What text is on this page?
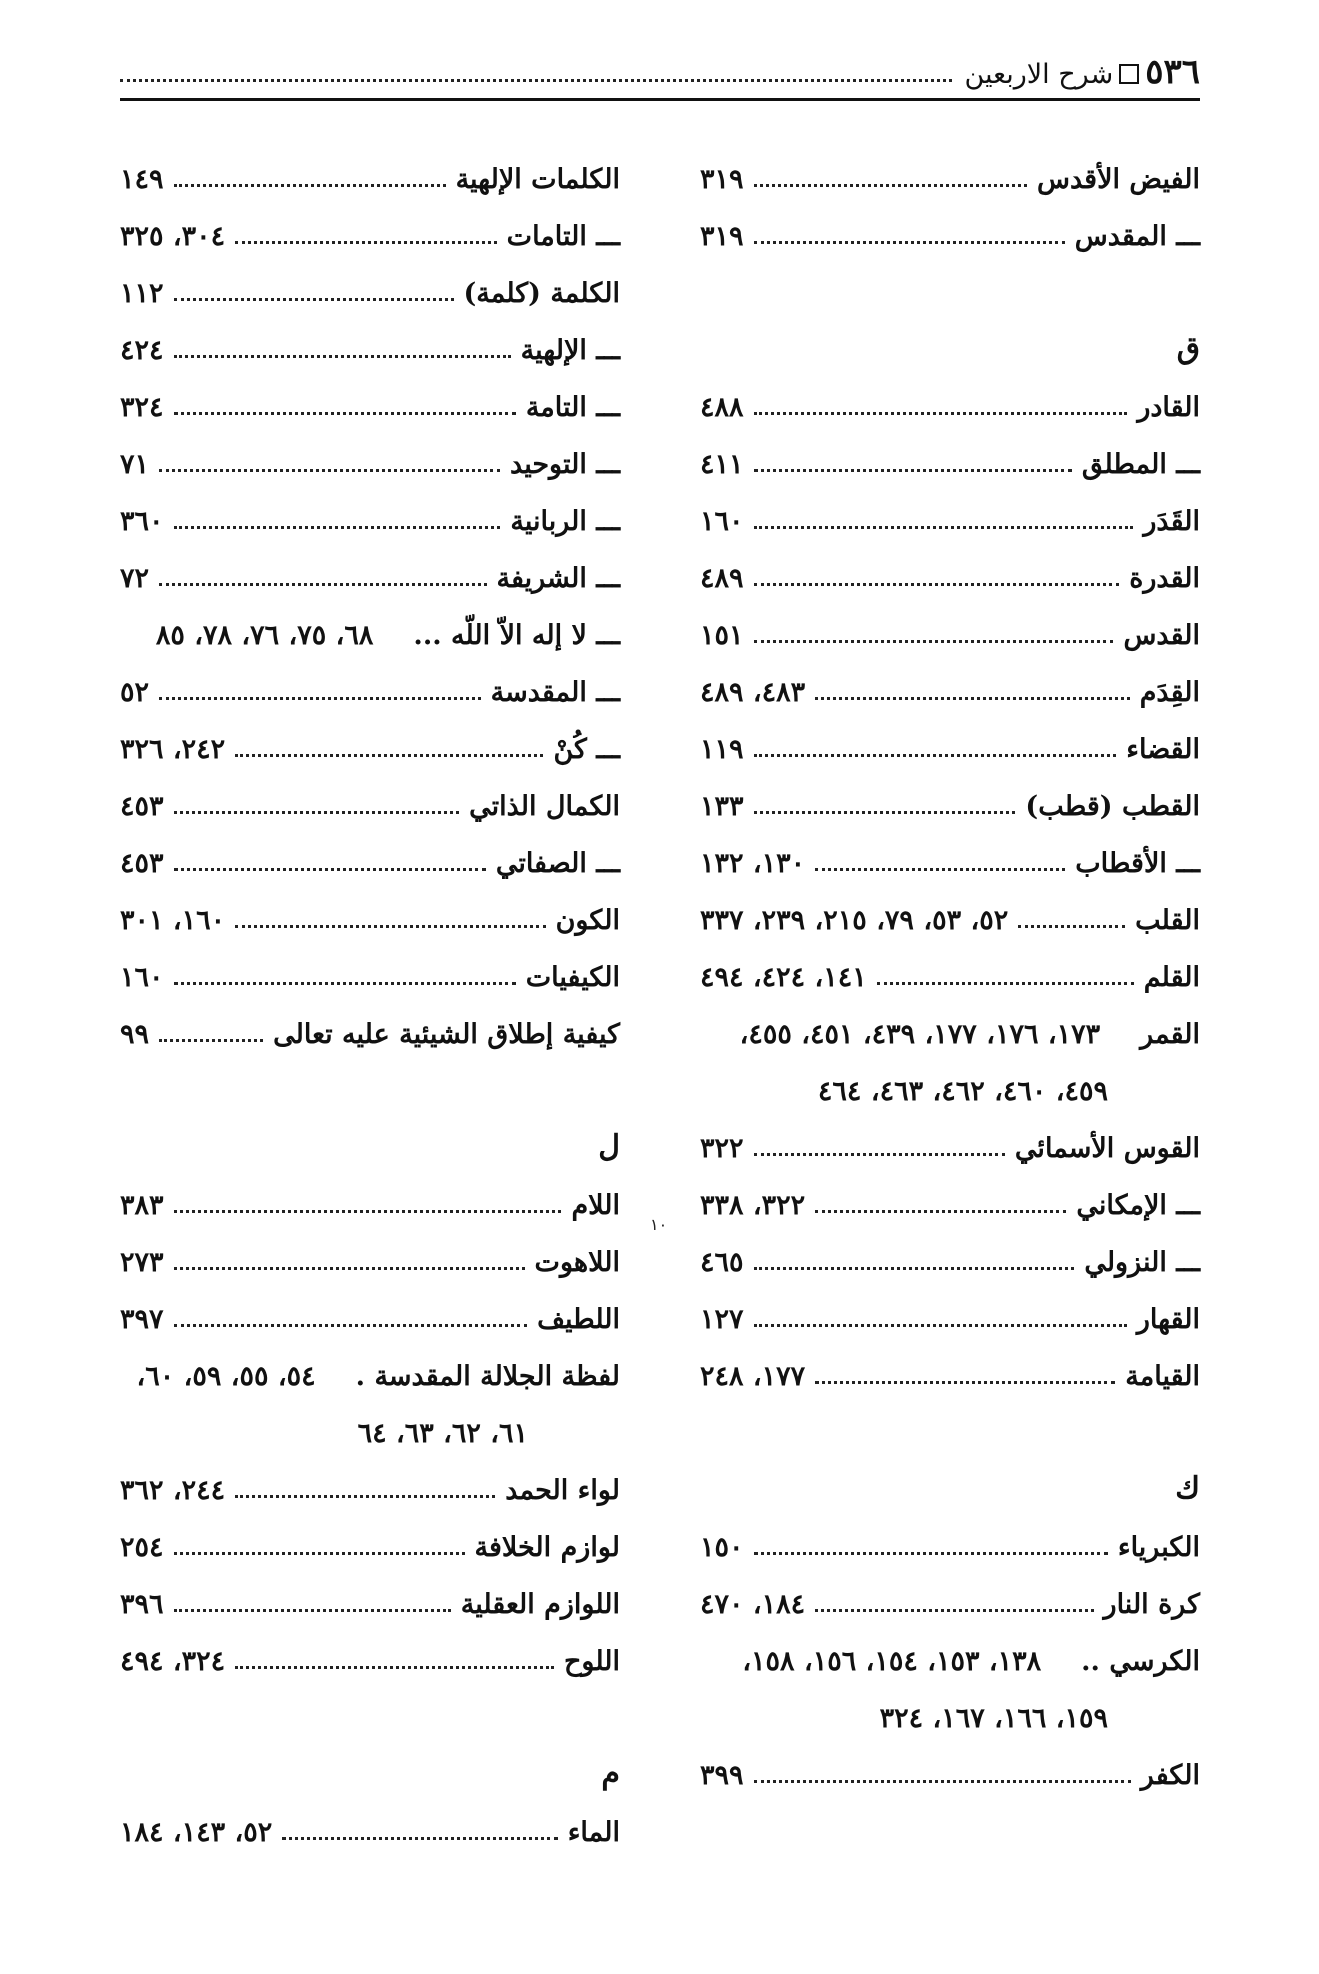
٥٣٦
شرح الاربعين
الفيض الأقدس
٣١٩
ـــ المقدس
٣١٩
ق
القادر
٤٨٨
ـــ المطلق
٤١١
القَدَر
١٦٠
القدرة
٤٨٩
القدس
١٥١
القِدَم
٤٨٣، ٤٨٩
القضاء
١١٩
القطب (قطب)
١٣٣
ـــ الأقطاب
١٣٠، ١٣٢
القلب
٥٢، ٥٣، ٧٩، ٢١٥، ٢٣٩، ٣٣٧
القلم
١٤١، ٤٢٤، ٤٩٤
القمر
١٧٣، ١٧٦، ١٧٧، ٤٣٩، ٤٥١، ٤٥٥،
٤٥٩، ٤٦٠، ٤٦٢، ٤٦٣، ٤٦٤
القوس الأسمائي
٣٢٢
ـــ الإمكاني
٣٢٢، ٣٣٨
ـــ النزولي
٤٦٥
القهار
١٢٧
القيامة
١٧٧، ٢٤٨
ك
الكبرياء
١٥٠
كرة النار
١٨٤، ٤٧٠
الكرسي ..
١٣٨، ١٥٣، ١٥٤، ١٥٦، ١٥٨،
١٥٩، ١٦٦، ١٦٧، ٣٢٤
الكفر
٣٩٩
الكلمات الإلهية
١٤٩
ـــ التامات
٣٠٤، ٣٢٥
الكلمة (كلمة)
١١٢
ـــ الإلهية
٤٢٤
ـــ التامة
٣٢٤
ـــ التوحيد
٧١
ـــ الربانية
٣٦٠
ـــ الشريفة
٧٢
ـــ لا إله الاّ اللّه ...
٦٨، ٧٥، ٧٦، ٧٨، ٨٥
ـــ المقدسة
٥٢
ـــ كُنْ
٢٤٢، ٣٢٦
الكمال الذاتي
٤٥٣
ـــ الصفاتي
٤٥٣
الكون
١٦٠، ٣٠١
الكيفيات
١٦٠
كيفية إطلاق الشيئية عليه تعالى
٩٩
ل
اللام
٣٨٣
اللاهوت
٢٧٣
اللطيف
٣٩٧
لفظة الجلالة المقدسة .
٥٤، ٥٥، ٥٩، ٦٠،
٦١، ٦٢، ٦٣، ٦٤
لواء الحمد
٢٤٤، ٣٦٢
لوازم الخلافة
٢٥٤
اللوازم العقلية
٣٩٦
اللوح
٣٢٤، ٤٩٤
م
الماء
٥٢، ١٤٣، ١٨٤
١٠
